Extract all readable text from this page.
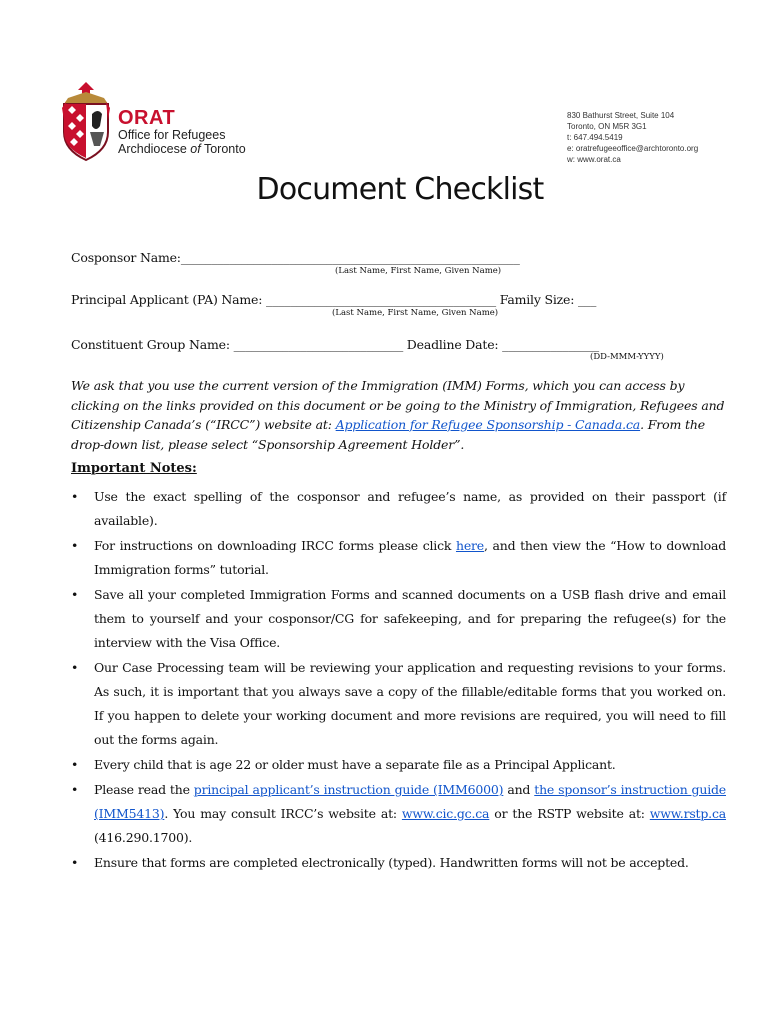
ORAT
Office for Refugees
Archdiocese of Toronto
830 Bathurst Street, Suite 104
Toronto, ON M5R 3G1
t: 647.494.5419
e: oratrefugeeoffice@archtoronto.org
w: www.orat.ca
Document Checklist
Cosponsor Name:________________________________________________________
(Last Name, First Name, Given Name)
Principal Applicant (PA) Name: ______________________________________ Family Size: ___
(Last Name, First Name, Given Name)
Constituent Group Name: ____________________________ Deadline Date: ________________
(DD-MMM-YYYY)
We ask that you use the current version of the Immigration (IMM) Forms, which you can access by clicking on the links provided on this document or be going to the Ministry of Immigration, Refugees and Citizenship Canada’s (“IRCC”) website at: Application for Refugee Sponsorship - Canada.ca. From the drop-down list, please select “Sponsorship Agreement Holder”.
Important Notes:
• Use the exact spelling of the cosponsor and refugee’s name, as provided on their passport (if available).
• For instructions on downloading IRCC forms please click here, and then view the “How to download Immigration forms” tutorial.
• Save all your completed Immigration Forms and scanned documents on a USB flash drive and email them to yourself and your cosponsor/CG for safekeeping, and for preparing the refugee(s) for the interview with the Visa Office.
• Our Case Processing team will be reviewing your application and requesting revisions to your forms. As such, it is important that you always save a copy of the fillable/editable forms that you worked on. If you happen to delete your working document and more revisions are required, you will need to fill out the forms again.
• Every child that is age 22 or older must have a separate file as a Principal Applicant.
• Please read the principal applicant’s instruction guide (IMM6000) and the sponsor’s instruction guide (IMM5413). You may consult IRCC’s website at: www.cic.gc.ca or the RSTP website at: www.rstp.ca (416.290.1700).
• Ensure that forms are completed electronically (typed). Handwritten forms will not be accepted.
